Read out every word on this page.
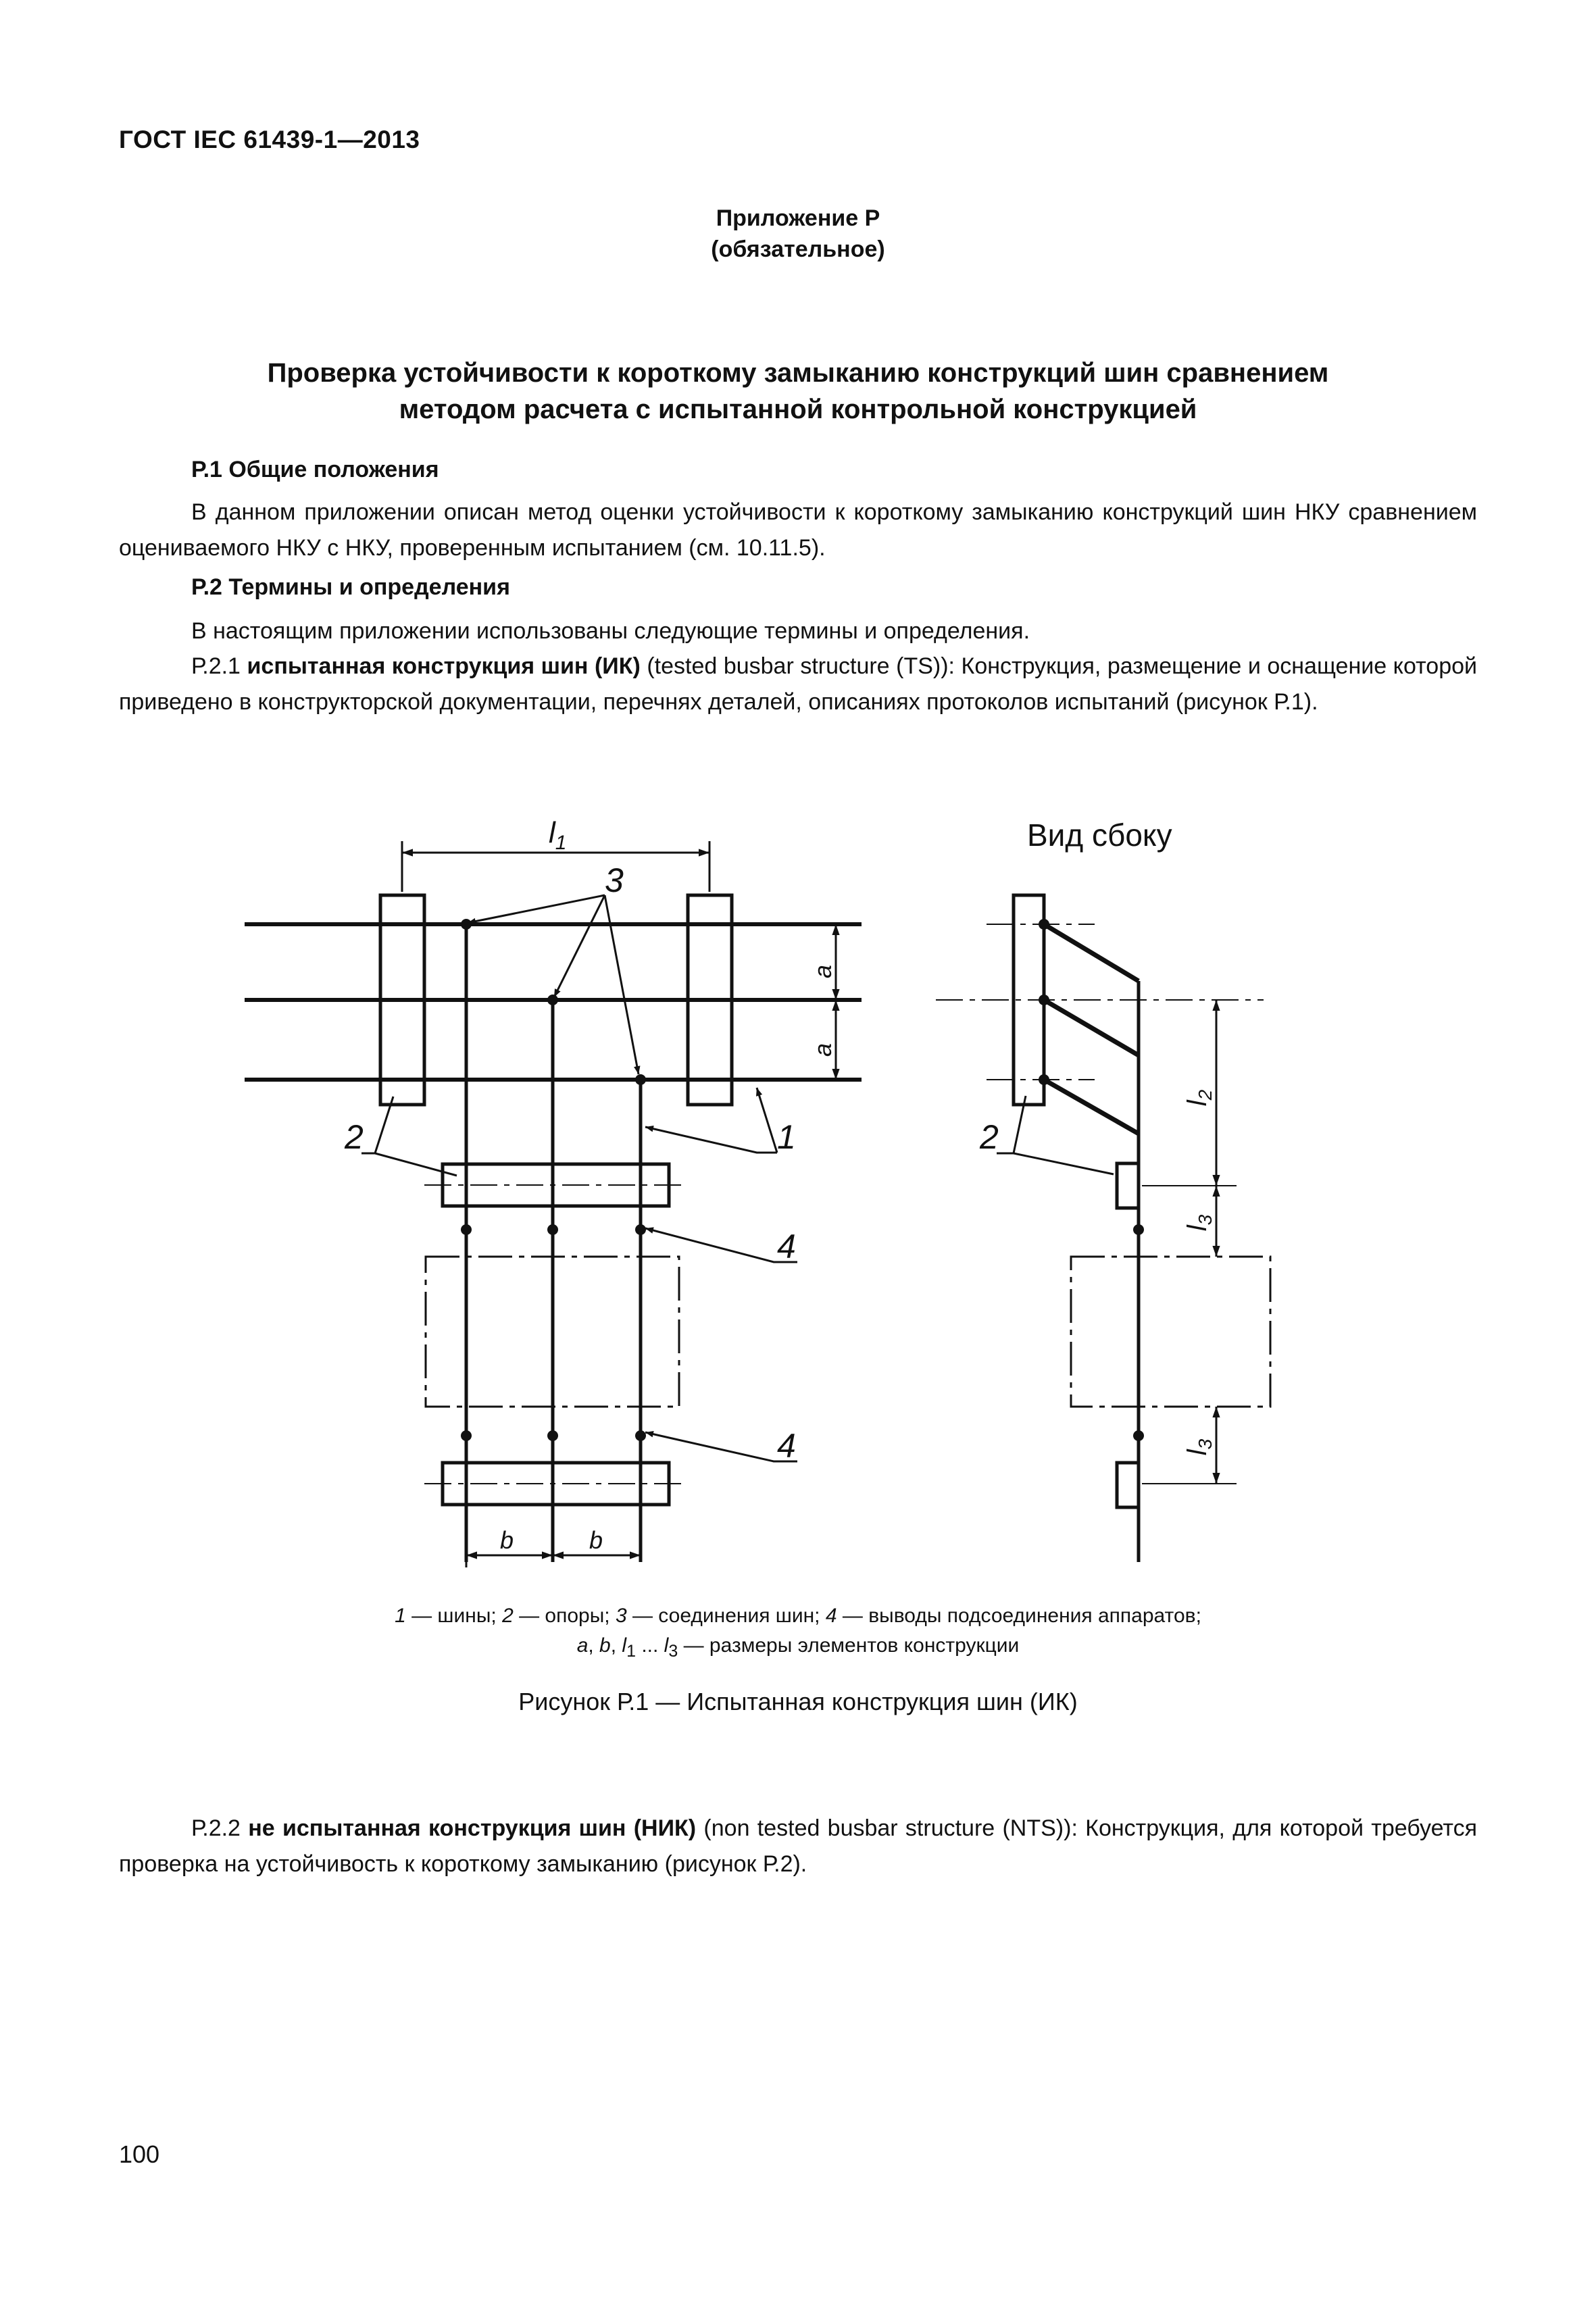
ГОСТ IEC 61439-1—2013
Приложение Р
(обязательное)
Проверка устойчивости к короткому замыканию конструкций шин сравнением
методом расчета с испытанной контрольной конструкцией
Р.1 Общие положения
В данном приложении описан метод оценки устойчивости к короткому замыканию конструкций шин НКУ сравнением оцениваемого НКУ с НКУ, проверенным испытанием (см. 10.11.5).
Р.2 Термины и определения
В настоящим приложении использованы следующие термины и определения.
Р.2.1 испытанная конструкция шин (ИК) (tested busbar structure (TS)): Конструкция, размещение и оснащение которой приведено в конструкторской документации, перечнях деталей, описаниях протоколов испытаний (рисунок Р.1).
Вид сбоку
$l_1$
3
1
2	2
4
4
a
a
b	b
$l_2$
$l_3$
$l_3$
1 — шины; 2 — опоры; 3 — соединения шин; 4 — выводы подсоединения аппаратов;
a, b, $l_1$ ... $l_3$ — размеры элементов конструкции
Рисунок Р.1 — Испытанная конструкция шин (ИК)
Р.2.2 не испытанная конструкция шин (НИК) (non tested busbar structure (NTS)): Конструкция, для которой требуется проверка на устойчивость к короткому замыканию (рисунок Р.2).
100
